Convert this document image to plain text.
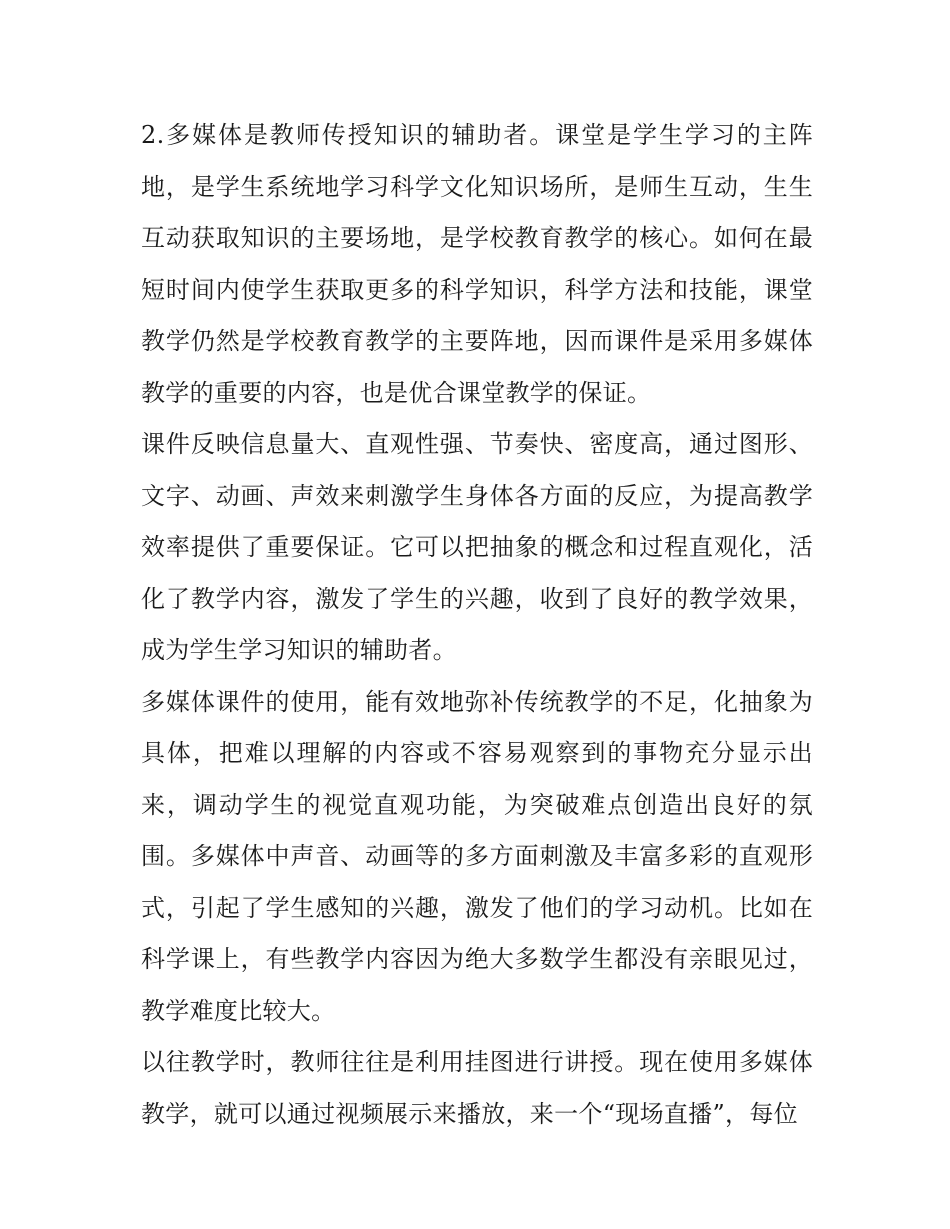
2.多媒体是教师传授知识的辅助者。课堂是学生学习的主阵地，是学生系统地学习科学文化知识场所，是师生互动，生生互动获取知识的主要场地，是学校教育教学的核心。如何在最短时间内使学生获取更多的科学知识，科学方法和技能，课堂教学仍然是学校教育教学的主要阵地，因而课件是采用多媒体教学的重要的内容，也是优合课堂教学的保证。

课件反映信息量大、直观性强、节奏快、密度高，通过图形、文字、动画、声效来刺激学生身体各方面的反应，为提高教学效率提供了重要保证。它可以把抽象的概念和过程直观化，活化了教学内容，激发了学生的兴趣，收到了良好的教学效果，成为学生学习知识的辅助者。

多媒体课件的使用，能有效地弥补传统教学的不足，化抽象为具体，把难以理解的内容或不容易观察到的事物充分显示出来，调动学生的视觉直观功能，为突破难点创造出良好的氛围。多媒体中声音、动画等的多方面刺激及丰富多彩的直观形式，引起了学生感知的兴趣，激发了他们的学习动机。比如在科学课上，有些教学内容因为绝大多数学生都没有亲眼见过，教学难度比较大。

以往教学时，教师往往是利用挂图进行讲授。现在使用多媒体教学，就可以通过视频展示来播放，来一个“现场直播”，每位
